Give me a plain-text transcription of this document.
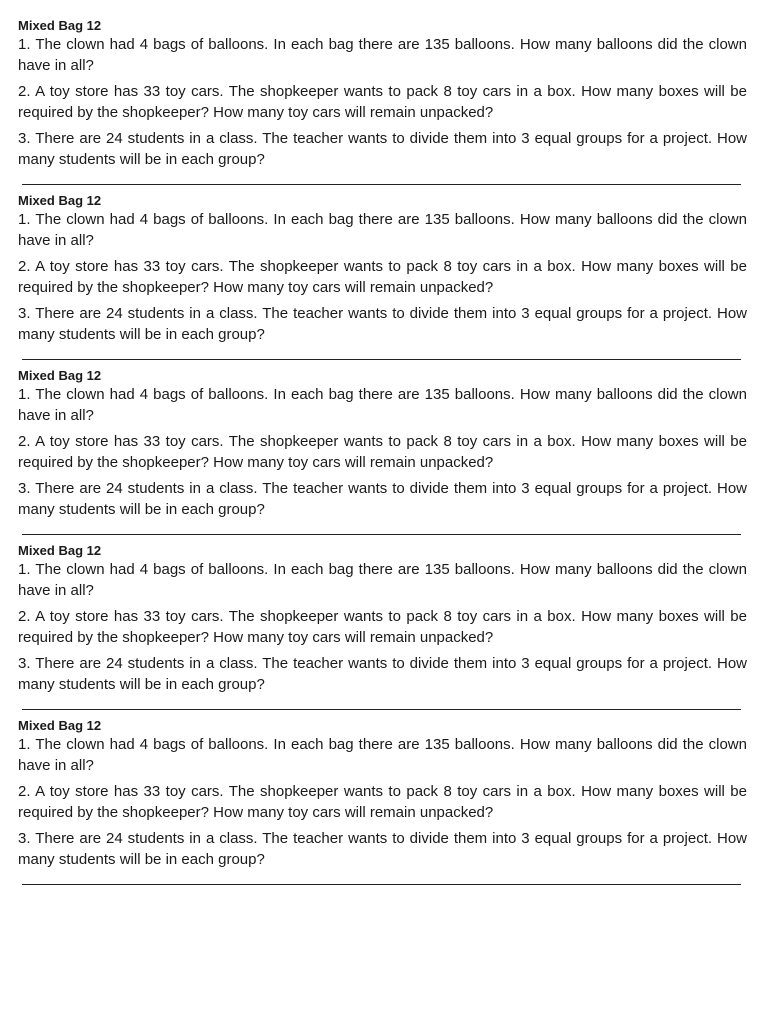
Mixed Bag 12

1. The clown had 4 bags of balloons. In each bag there are 135 balloons. How many balloons did the clown have in all?

2. A toy store has 33 toy cars. The shopkeeper wants to pack 8 toy cars in a box. How many boxes will be required by the shopkeeper? How many toy cars will remain unpacked?

3. There are 24 students in a class. The teacher wants to divide them into 3 equal groups for a project. How many students will be in each group?

Mixed Bag 12

1. The clown had 4 bags of balloons. In each bag there are 135 balloons. How many balloons did the clown have in all?

2. A toy store has 33 toy cars. The shopkeeper wants to pack 8 toy cars in a box. How many boxes will be required by the shopkeeper? How many toy cars will remain unpacked?

3. There are 24 students in a class. The teacher wants to divide them into 3 equal groups for a project. How many students will be in each group?

Mixed Bag 12

1. The clown had 4 bags of balloons. In each bag there are 135 balloons. How many balloons did the clown have in all?

2. A toy store has 33 toy cars. The shopkeeper wants to pack 8 toy cars in a box. How many boxes will be required by the shopkeeper? How many toy cars will remain unpacked?

3. There are 24 students in a class. The teacher wants to divide them into 3 equal groups for a project. How many students will be in each group?

Mixed Bag 12

1. The clown had 4 bags of balloons. In each bag there are 135 balloons. How many balloons did the clown have in all?

2. A toy store has 33 toy cars. The shopkeeper wants to pack 8 toy cars in a box. How many boxes will be required by the shopkeeper? How many toy cars will remain unpacked?

3. There are 24 students in a class. The teacher wants to divide them into 3 equal groups for a project. How many students will be in each group?

Mixed Bag 12

1. The clown had 4 bags of balloons. In each bag there are 135 balloons. How many balloons did the clown have in all?

2. A toy store has 33 toy cars. The shopkeeper wants to pack 8 toy cars in a box. How many boxes will be required by the shopkeeper? How many toy cars will remain unpacked?

3. There are 24 students in a class. The teacher wants to divide them into 3 equal groups for a project. How many students will be in each group?
